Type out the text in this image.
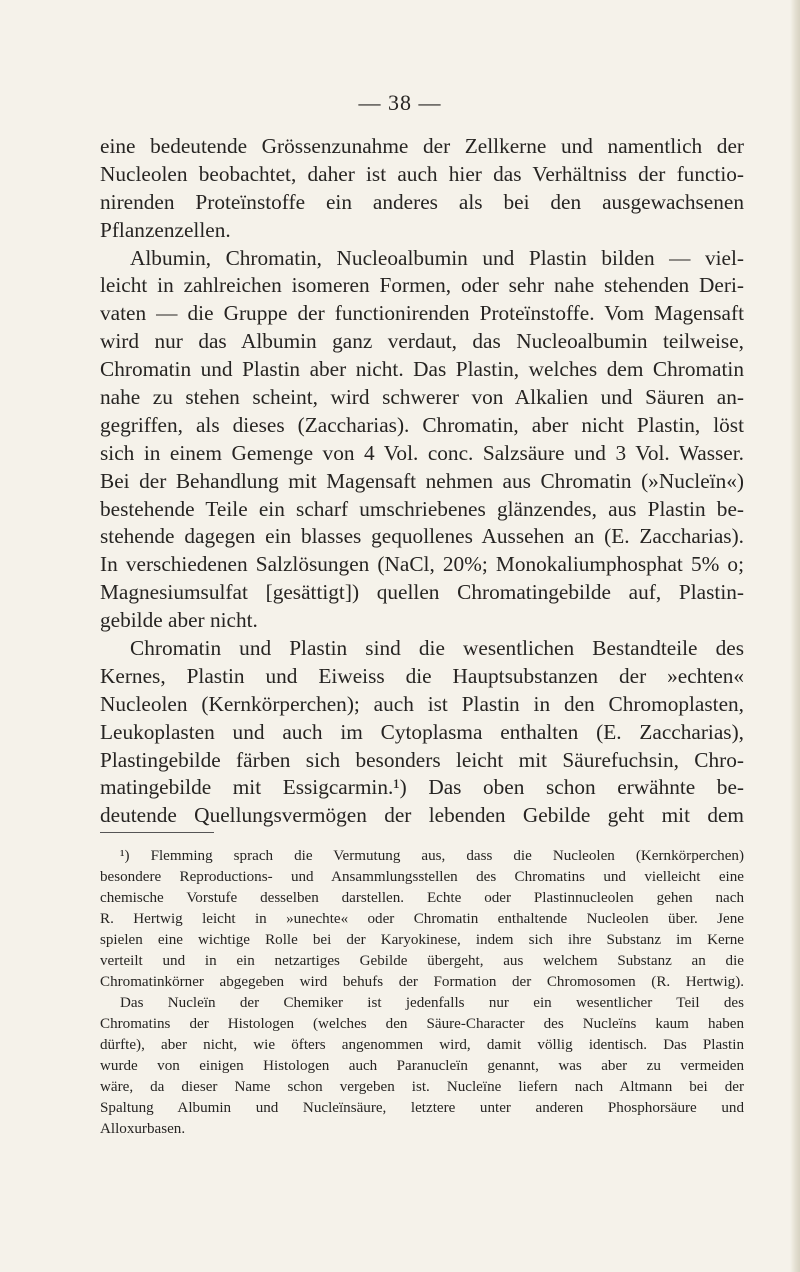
— 38 —
eine bedeutende Grössenzunahme der Zellkerne und namentlich der
Nucleolen beobachtet, daher ist auch hier das Verhältniss der functio-
nirenden Proteïnstoffe ein anderes als bei den ausgewachsenen
Pflanzenzellen.
Albumin, Chromatin, Nucleoalbumin und Plastin bilden — viel-
leicht in zahlreichen isomeren Formen, oder sehr nahe stehenden Deri-
vaten — die Gruppe der functionirenden Proteïnstoffe. Vom Magensaft
wird nur das Albumin ganz verdaut, das Nucleoalbumin teilweise,
Chromatin und Plastin aber nicht. Das Plastin, welches dem Chromatin
nahe zu stehen scheint, wird schwerer von Alkalien und Säuren an-
gegriffen, als dieses (Zaccharias). Chromatin, aber nicht Plastin, löst
sich in einem Gemenge von 4 Vol. conc. Salzsäure und 3 Vol. Wasser.
Bei der Behandlung mit Magensaft nehmen aus Chromatin (»Nucleïn«)
bestehende Teile ein scharf umschriebenes glänzendes, aus Plastin be-
stehende dagegen ein blasses gequollenes Aussehen an (E. Zaccharias).
In verschiedenen Salzlösungen (NaCl, 20%; Monokaliumphosphat 5% o;
Magnesiumsulfat [gesättigt]) quellen Chromatingebilde auf, Plastin-
gebilde aber nicht.
Chromatin und Plastin sind die wesentlichen Bestandteile des
Kernes, Plastin und Eiweiss die Hauptsubstanzen der »echten«
Nucleolen (Kernkörperchen); auch ist Plastin in den Chromoplasten,
Leukoplasten und auch im Cytoplasma enthalten (E. Zaccharias),
Plastingebilde färben sich besonders leicht mit Säurefuchsin, Chro-
matingebilde mit Essigcarmin.¹) Das oben schon erwähnte be-
deutende Quellungsvermögen der lebenden Gebilde geht mit dem
¹) Flemming sprach die Vermutung aus, dass die Nucleolen (Kernkörperchen)
besondere Reproductions- und Ansammlungsstellen des Chromatins und vielleicht eine
chemische Vorstufe desselben darstellen. Echte oder Plastinnucleolen gehen nach
R. Hertwig leicht in »unechte« oder Chromatin enthaltende Nucleolen über. Jene
spielen eine wichtige Rolle bei der Karyokinese, indem sich ihre Substanz im Kerne
verteilt und in ein netzartiges Gebilde übergeht, aus welchem Substanz an die
Chromatinkörner abgegeben wird behufs der Formation der Chromosomen (R. Hertwig).
Das Nucleïn der Chemiker ist jedenfalls nur ein wesentlicher Teil des
Chromatins der Histologen (welches den Säure-Character des Nucleïns kaum haben
dürfte), aber nicht, wie öfters angenommen wird, damit völlig identisch. Das Plastin
wurde von einigen Histologen auch Paranucleïn genannt, was aber zu vermeiden
wäre, da dieser Name schon vergeben ist. Nucleïne liefern nach Altmann bei der
Spaltung Albumin und Nucleïnsäure, letztere unter anderen Phosphorsäure und
Alloxurbasen.
